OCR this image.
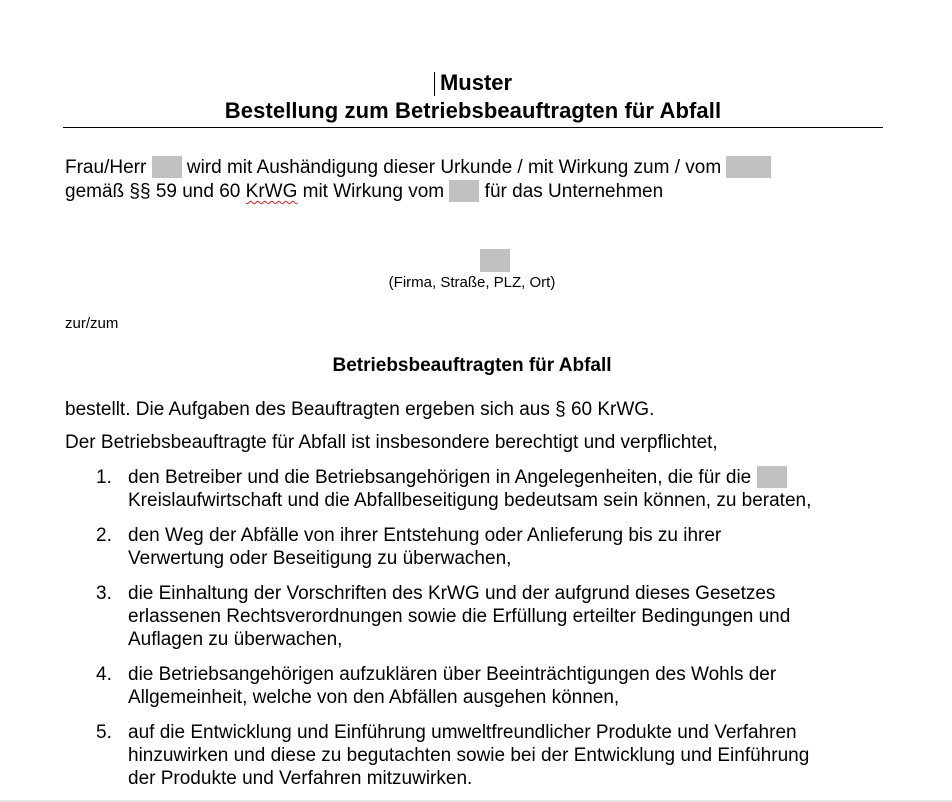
Muster
Bestellung zum Betriebsbeauftragten für Abfall
Frau/Herr  wird mit Aushändigung dieser Urkunde / mit Wirkung zum / vom
gemäß §§ 59 und 60 KrWG mit Wirkung vom  für das Unternehmen
(Firma, Straße, PLZ, Ort)
zur/zum
Betriebsbeauftragten für Abfall
bestellt. Die Aufgaben des Beauftragten ergeben sich aus § 60 KrWG.
Der Betriebsbeauftragte für Abfall ist insbesondere berechtigt und verpflichtet,
1. den Betreiber und die Betriebsangehörigen in Angelegenheiten, die für die
Kreislaufwirtschaft und die Abfallbeseitigung bedeutsam sein können, zu beraten,
2. den Weg der Abfälle von ihrer Entstehung oder Anlieferung bis zu ihrer
Verwertung oder Beseitigung zu überwachen,
3. die Einhaltung der Vorschriften des KrWG und der aufgrund dieses Gesetzes
erlassenen Rechtsverordnungen sowie die Erfüllung erteilter Bedingungen und
Auflagen zu überwachen,
4. die Betriebsangehörigen aufzuklären über Beeinträchtigungen des Wohls der
Allgemeinheit, welche von den Abfällen ausgehen können,
5. auf die Entwicklung und Einführung umweltfreundlicher Produkte und Verfahren
hinzuwirken und diese zu begutachten sowie bei der Entwicklung und Einführung
der Produkte und Verfahren mitzuwirken.
